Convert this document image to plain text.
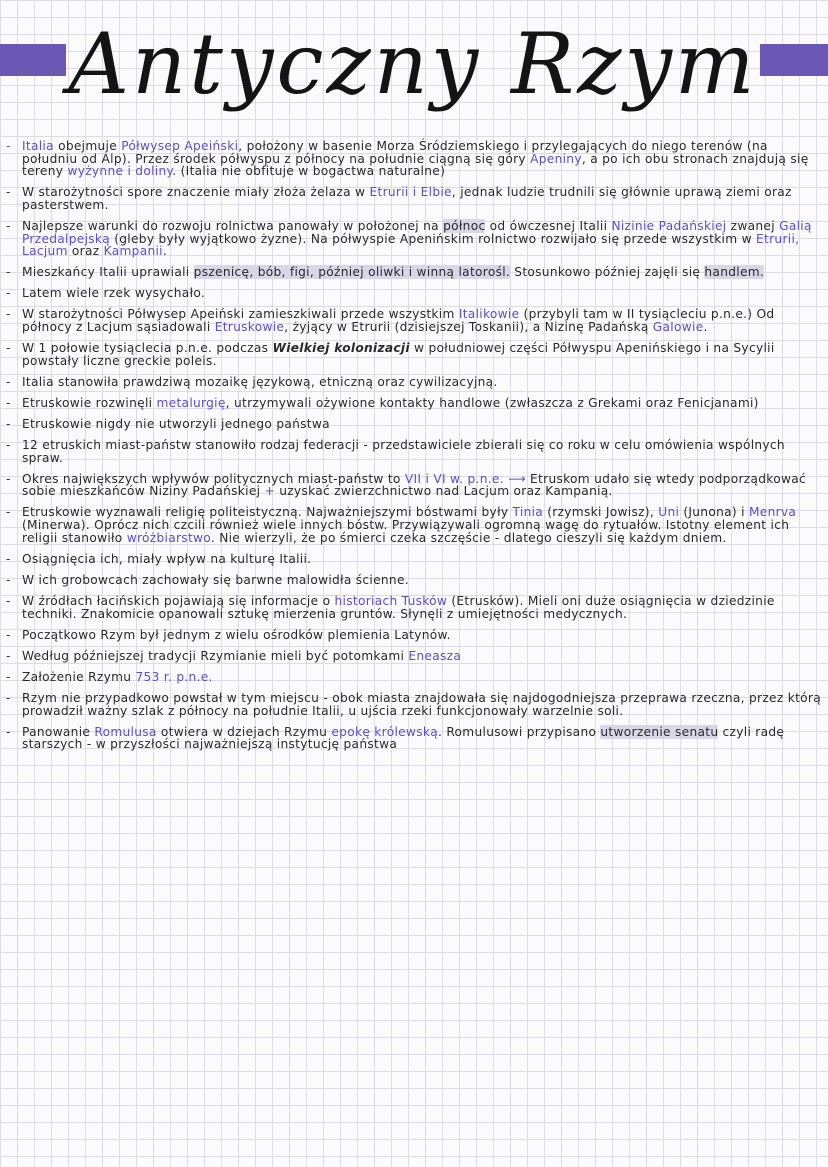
Antyczny Rzym

- Italia obejmuje Półwysep Apeiński, położony w basenie Morza Śródziemskiego i przylegających do niego terenów (na południu od Alp). Przez środek półwyspu z północy na południe ciągną się góry Apeniny, a po ich obu stronach znajdują się tereny wyżynne i doliny. (Italia nie obfituje w bogactwa naturalne)

- W starożytności spore znaczenie miały złoża żelaza w Etrurii i Elbie, jednak ludzie trudnili się głównie uprawą ziemi oraz pasterstwem.

- Najlepsze warunki do rozwoju rolnictwa panowały w położonej na północ od ówczesnej Italii Nizinie Padańskiej zwanej Galią Przedalpejską (gleby były wyjątkowo żyzne). Na półwyspie Apenińskim rolnictwo rozwijało się przede wszystkim w Etrurii, Lacjum oraz Kampanii.

- Mieszkańcy Italii uprawiali pszenicę, bób, figi, później oliwki i winną latorośl. Stosunkowo później zajęli się handlem.

- Latem wiele rzek wysychało.

- W starożytności Półwysep Apeiński zamieszkiwali przede wszystkim Italikowie (przybyli tam w II tysiącleciu p.n.e.) Od północy z Lacjum sąsiadowali Etruskowie, żyjący w Etrurii (dzisiejszej Toskanii), a Nizinę Padańską Galowie.

- W 1 połowie tysiąclecia p.n.e. podczas Wielkiej kolonizacji w południowej części Półwyspu Apenińskiego i na Sycylii powstały liczne greckie poleis.

- Italia stanowiła prawdziwą mozaikę językową, etniczną oraz cywilizacyjną.

- Etruskowie rozwinęli metalurgię, utrzymywali ożywione kontakty handlowe (zwłaszcza z Grekami oraz Fenicjanami)

- Etruskowie nigdy nie utworzyli jednego państwa

- 12 etruskich miast-państw stanowiło rodzaj federacji - przedstawiciele zbierali się co roku w celu omówienia wspólnych spraw.

- Okres największych wpływów politycznych miast-państw to VII i VI w. p.n.e. ⟶ Etruskom udało się wtedy podporządkować sobie mieszkańców Niziny Padańskiej + uzyskać zwierzchnictwo nad Lacjum oraz Kampanią.

- Etruskowie wyznawali religię politeistyczną. Najważniejszymi bóstwami były Tinia (rzymski Jowisz), Uni (Junona) i Menrva (Minerwa). Oprócz nich czcili również wiele innych bóstw. Przywiązywali ogromną wagę do rytuałów. Istotny element ich religii stanowiło wróżbiarstwo. Nie wierzyli, że po śmierci czeka szczęście - dlatego cieszyli się każdym dniem.

- Osiągnięcia ich, miały wpływ na kulturę Italii.

- W ich grobowcach zachowały się barwne malowidła ścienne.

- W źródłach łacińskich pojawiają się informacje o historiach Tusków (Etrusków). Mieli oni duże osiągnięcia w dziedzinie techniki. Znakomicie opanowali sztukę mierzenia gruntów. Słynęli z umiejętności medycznych.

- Początkowo Rzym był jednym z wielu ośrodków plemienia Latynów.

- Według późniejszej tradycji Rzymianie mieli być potomkami Eneasza

- Założenie Rzymu 753 r. p.n.e.

- Rzym nie przypadkowo powstał w tym miejscu - obok miasta znajdowała się najdogodniejsza przeprawa rzeczna, przez którą prowadził ważny szlak z północy na południe Italii, u ujścia rzeki funkcjonowały warzelnie soli.

- Panowanie Romulusa otwiera w dziejach Rzymu epokę królewską. Romulusowi przypisano utworzenie senatu czyli radę starszych - w przyszłości najważniejszą instytucję państwa
